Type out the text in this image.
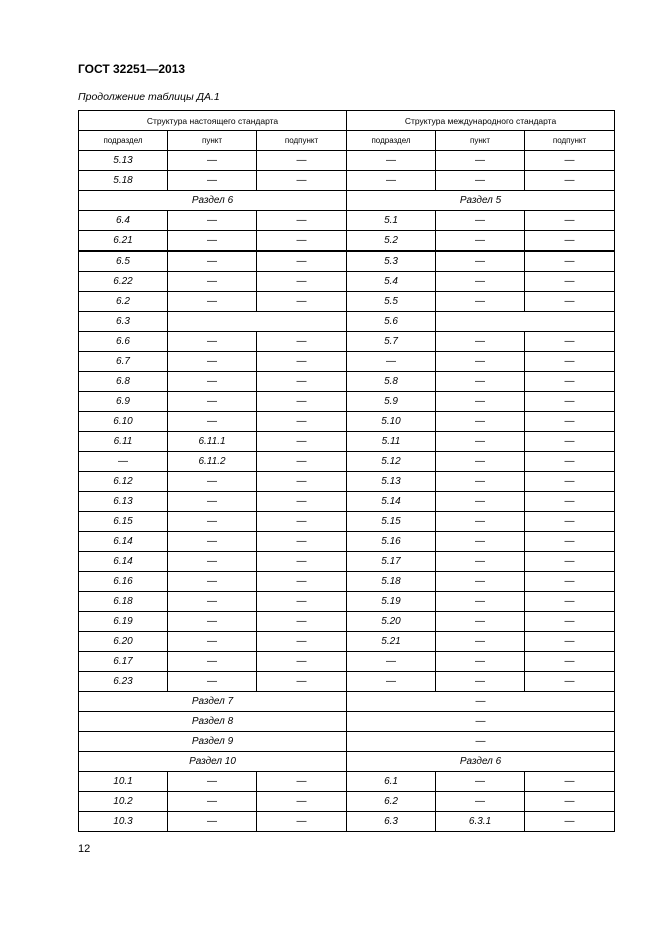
ГОСТ 32251—2013
Продолжение таблицы ДА.1
Структура настоящего стандарта			Структура международного стандарта		
подраздел	пункт	подпункт	подраздел	пункт	подпункт
5.13	—	—	—	—	—
5.18	—	—	—	—	—
Раздел 6			Раздел 5		
6.4	—	—	5.1	—	—
6.21	—	—	5.2	—	—
6.5	—	—	5.3	—	—
6.22	—	—	5.4	—	—
6.2	—	—	5.5	—	—
6.3			5.6		
6.6	—	—	5.7	—	—
6.7	—	—	—	—	—
6.8	—	—	5.8	—	—
6.9	—	—	5.9	—	—
6.10	—	—	5.10	—	—
6.11	6.11.1	—	5.11	—	—
—	6.11.2	—	5.12	—	—
6.12	—	—	5.13	—	—
6.13	—	—	5.14	—	—
6.15	—	—	5.15	—	—
6.14	—	—	5.16	—	—
6.14	—	—	5.17	—	—
6.16	—	—	5.18	—	—
6.18	—	—	5.19	—	—
6.19	—	—	5.20	—	—
6.20	—	—	5.21	—	—
6.17	—	—	—	—	—
6.23	—	—	—	—	—
Раздел 7			—		
Раздел 8			—		
Раздел 9			—		
Раздел 10			Раздел 6		
10.1	—	—	6.1	—	—
10.2	—	—	6.2	—	—
10.3	—	—	6.3	6.3.1	—
12
